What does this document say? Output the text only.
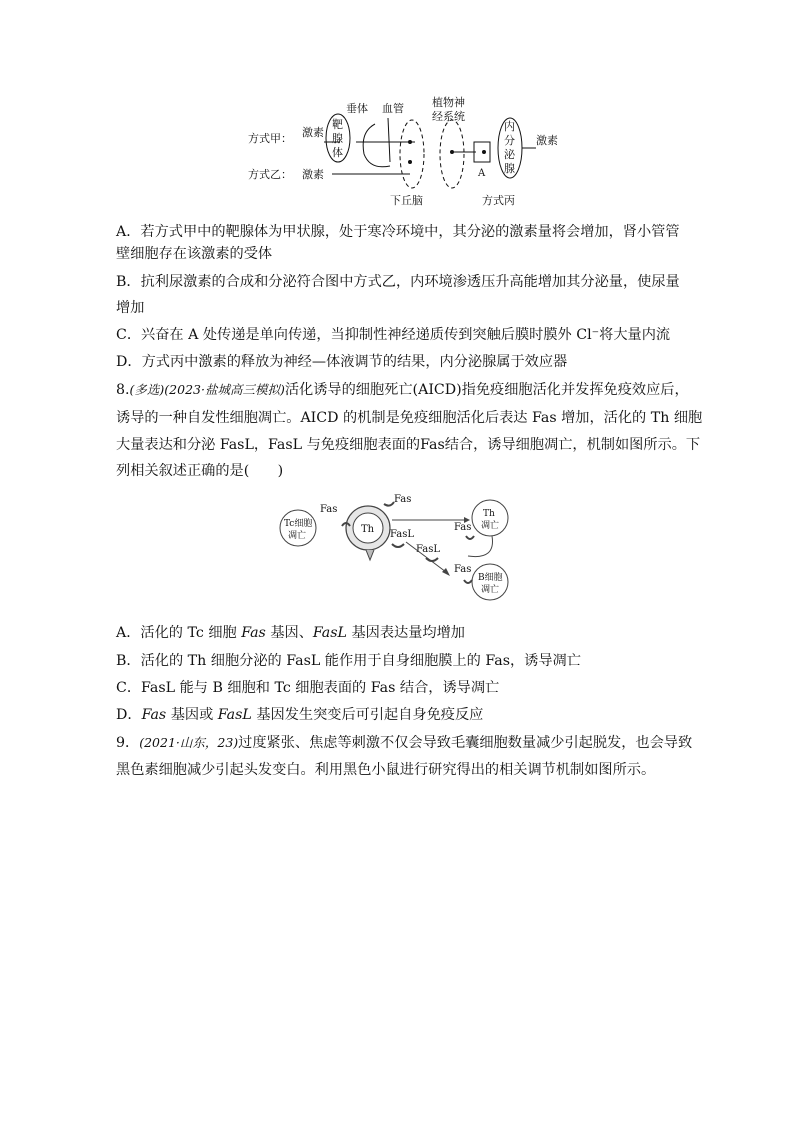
方式甲：
方式乙：
激素
靶
腺
体
垂体 血管
激素
下丘脑
植物神
经系统
A
内
分
泌
腺
激素
方式丙
A．若方式甲中的靶腺体为甲状腺，处于寒冷环境中，其分泌的激素量将会增加，肾小管管
壁细胞存在该激素的受体
B．抗利尿激素的合成和分泌符合图中方式乙，内环境渗透压升高能增加其分泌量，使尿量
增加
C．兴奋在 A 处传递是单向传递，当抑制性神经递质传到突触后膜时膜外 Cl⁻将大量内流
D．方式丙中激素的释放为神经—体液调节的结果，内分泌腺属于效应器
8.(多选)(2023·盐城高三模拟)活化诱导的细胞死亡(AICD)指免疫细胞活化并发挥免疫效应后，
诱导的一种自发性细胞凋亡。AICD 的机制是免疫细胞活化后表达 Fas 增加，活化的 Th 细胞
大量表达和分泌 FasL，FasL 与免疫细胞表面的Fas结合，诱导细胞凋亡，机制如图所示。下
列相关叙述正确的是(　　)
Tc细胞
凋亡
Fas
Th
Fas
FasL
FasL
Th
凋亡
Fas
B细胞
凋亡
Fas
A．活化的 Tc 细胞 Fas 基因、FasL 基因表达量均增加
B．活化的 Th 细胞分泌的 FasL 能作用于自身细胞膜上的 Fas，诱导凋亡
C．FasL 能与 B 细胞和 Tc 细胞表面的 Fas 结合，诱导凋亡
D．Fas 基因或 FasL 基因发生突变后可引起自身免疫反应
9．(2021·山东，23)过度紧张、焦虑等刺激不仅会导致毛囊细胞数量减少引起脱发，也会导致
黑色素细胞减少引起头发变白。利用黑色小鼠进行研究得出的相关调节机制如图所示。
